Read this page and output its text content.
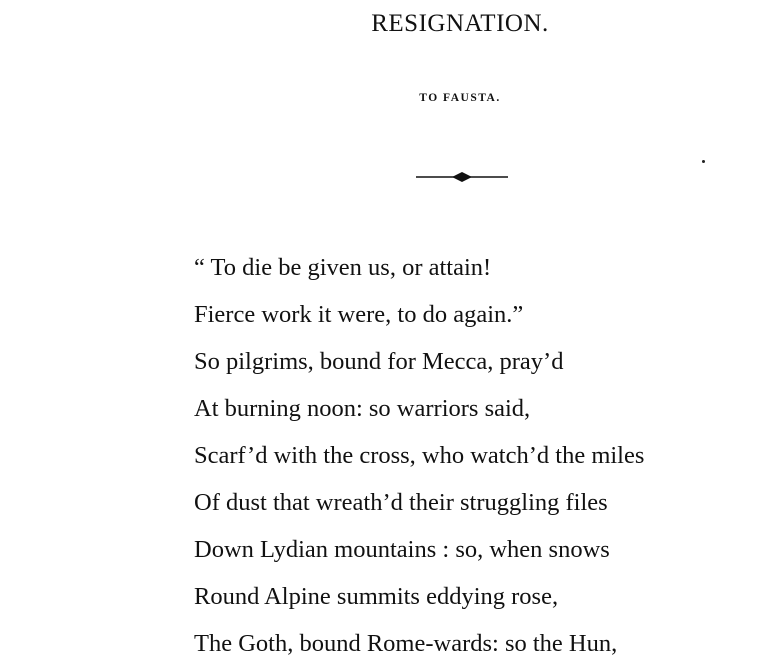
RESIGNATION.
TO FAUSTA.
“ To die be given us, or attain!
Fierce work it were, to do again.”
So pilgrims, bound for Mecca, pray’d
At burning noon: so warriors said,
Scarf’d with the cross, who watch’d the miles
Of dust that wreath’d their struggling files
Down Lydian mountains : so, when snows
Round Alpine summits eddying rose,
The Goth, bound Rome-wards: so the Hun,
